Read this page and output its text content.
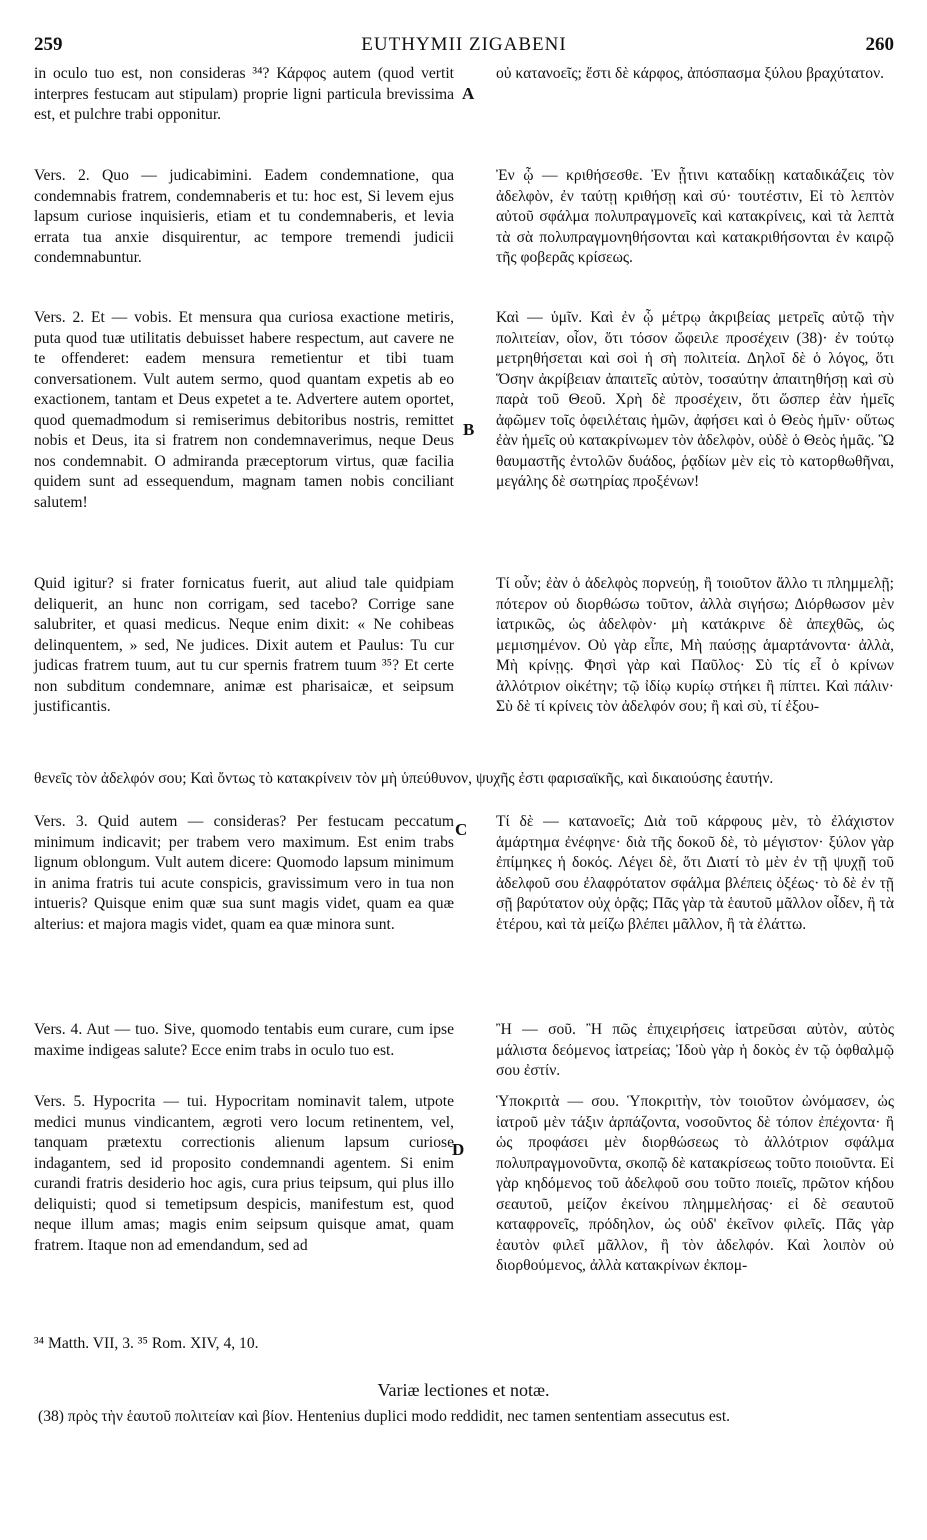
259	EUTHYMII ZIGABENI	260

in oculo tuo est, non consideras ³⁴? Κάρφος autem (quod vertit interpres festucam aut stipulam) proprie ligni particula brevissima est, et pulchre trabi opponitur.

Vers. 2. Quo — judicabimini. Eadem condemnatione, qua condemnabis fratrem, condemnaberis et tu: hoc est, Si levem ejus lapsum curiose inquisieris, etiam et tu condemnaberis, et levia errata tua anxie disquirentur, ac tempore tremendi judicii condemnabuntur.

Vers. 2. Et — vobis. Et mensura qua curiosa exactione metiris, puta quod tuæ utilitatis debuisset habere respectum, aut cavere ne te offenderet: eadem mensura remetientur et tibi tuam conversationem. Vult autem sermo, quod quantam expetis ab eo exactionem, tantam et Deus expetet a te. Advertere autem oportet, quod quemadmodum si remiserimus debitoribus nostris, remittet nobis et Deus, ita si fratrem non condemnaverimus, neque Deus nos condemnabit. O admiranda præceptorum virtus, quæ facilia quidem sunt ad essequendum, magnam tamen nobis conciliant salutem!

Quid igitur? si frater fornicatus fuerit, aut aliud tale quidpiam deliquerit, an hunc non corrigam, sed tacebo? Corrige sane salubriter, et quasi medicus. Neque enim dixit: « Ne cohibeas delinquentem, » sed, Ne judices. Dixit autem et Paulus: Tu cur judicas fratrem tuum, aut tu cur spernis fratrem tuum ³⁵? Et certe non subditum condemnare, animæ est pharisaicæ, et seipsum justificantis.

οὐ κατανοεῖς; ἔστι δὲ κάρφος, ἀπόσπασμα ξύλου βραχύτατον.

Ἐν ᾧ — κριθήσεσθε. Ἐν ᾗτινι καταδίκῃ καταδικάζεις τὸν ἀδελφὸν, ἐν ταύτῃ κριθήσῃ καὶ σύ· τουτέστιν, Εἰ τὸ λεπτὸν αὐτοῦ σφάλμα πολυπραγμονεῖς καὶ κατακρίνεις, καὶ τὰ λεπτὰ τὰ σὰ πολυπραγμονηθήσονται καὶ κατακριθήσονται ἐν καιρῷ τῆς φοβερᾶς κρίσεως.

Καὶ — ὑμῖν. Καὶ ἐν ᾧ μέτρῳ ἀκριβείας μετρεῖς αὐτῷ τὴν πολιτείαν, οἷον, ὅτι τόσον ὤφειλε προσέχειν (38)· ἐν τούτῳ μετρηθήσεται καὶ σοὶ ἡ σὴ πολιτεία. Δηλοῖ δὲ ὁ λόγος, ὅτι Ὅσην ἀκρίβειαν ἀπαιτεῖς αὐτὸν, τοσαύτην ἀπαιτηθήσῃ καὶ σὺ παρὰ τοῦ Θεοῦ. Χρὴ δὲ προσέχειν, ὅτι ὥσπερ ἐὰν ἡμεῖς ἀφῶμεν τοῖς ὀφειλέταις ἡμῶν, ἀφήσει καὶ ὁ Θεὸς ἡμῖν· οὕτως ἐὰν ἡμεῖς οὐ κατακρίνωμεν τὸν ἀδελφὸν, οὐδὲ ὁ Θεὸς ἡμᾶς. Ὢ θαυμαστῆς ἐντολῶν δυάδος, ῥᾳδίων μὲν εἰς τὸ κατορθωθῆναι, μεγάλης δὲ σωτηρίας προξένων!

Τί οὖν; ἐὰν ὁ ἀδελφὸς πορνεύῃ, ἢ τοιοῦτον ἄλλο τι πλημμελῇ; πότερον οὐ διορθώσω τοῦτον, ἀλλὰ σιγήσω; Διόρθωσον μὲν ἰατρικῶς, ὡς ἀδελφὸν· μὴ κατάκρινε δὲ ἀπεχθῶς, ὡς μεμισημένον. Οὐ γὰρ εἶπε, Μὴ παύσῃς ἁμαρτάνοντα· ἀλλὰ, Μὴ κρίνῃς. Φησὶ γὰρ καὶ Παῦλος· Σὺ τίς εἶ ὁ κρίνων ἀλλότριον οἰκέτην; τῷ ἰδίῳ κυρίῳ στήκει ἢ πίπτει. Καὶ πάλιν· Σὺ δὲ τί κρίνεις τὸν ἀδελφόν σου; ἢ καὶ σὺ, τί ἐξου-

θενεῖς τὸν ἀδελφόν σου; Καὶ ὄντως τὸ κατακρίνειν τὸν μὴ ὑπεύθυνον, ψυχῆς ἐστι φαρισαϊκῆς, καὶ δικαιούσης ἑαυτήν.

Vers. 3. Quid autem — consideras? Per festucam peccatum minimum indicavit; per trabem vero maximum. Est enim trabs lignum oblongum. Vult autem dicere: Quomodo lapsum minimum in anima fratris tui acute conspicis, gravissimum vero in tua non intueris? Quisque enim quæ sua sunt magis videt, quam ea quæ alterius: et majora magis videt, quam ea quæ minora sunt.

Vers. 4. Aut — tuo. Sive, quomodo tentabis eum curare, cum ipse maxime indigeas salute? Ecce enim trabs in oculo tuo est.

Vers. 5. Hypocrita — tui. Hypocritam nominavit talem, utpote medici munus vindicantem, ægroti vero locum retinentem, vel, tanquam prætextu correctionis alienum lapsum curiose indagantem, sed id proposito condemnandi agentem. Si enim curandi fratris desiderio hoc agis, cura prius teipsum, qui plus illo deliquisti; quod si temetipsum despicis, manifestum est, quod neque illum amas; magis enim seipsum quisque amat, quam fratrem. Itaque non ad emendandum, sed ad

Τί δὲ — κατανοεῖς; Διὰ τοῦ κάρφους μὲν, τὸ ἐλάχιστον ἁμάρτημα ἐνέφηνε· διὰ τῆς δοκοῦ δὲ, τὸ μέγιστον· ξύλον γὰρ ἐπίμηκες ἡ δοκός. Λέγει δὲ, ὅτι Διατί τὸ μὲν ἐν τῇ ψυχῇ τοῦ ἀδελφοῦ σου ἐλαφρότατον σφάλμα βλέπεις ὀξέως· τὸ δὲ ἐν τῇ σῇ βαρύτατον οὐχ ὁρᾷς; Πᾶς γὰρ τὰ ἑαυτοῦ μᾶλλον οἶδεν, ἢ τὰ ἑτέρου, καὶ τὰ μείζω βλέπει μᾶλλον, ἢ τὰ ἐλάττω.

Ἢ — σοῦ. Ἢ πῶς ἐπιχειρήσεις ἰατρεῦσαι αὐτὸν, αὐτὸς μάλιστα δεόμενος ἰατρείας; Ἰδοὺ γὰρ ἡ δοκὸς ἐν τῷ ὀφθαλμῷ σου ἐστίν.

Ὑποκριτὰ — σου. Ὑποκριτὴν, τὸν τοιοῦτον ὠνόμασεν, ὡς ἰατροῦ μὲν τάξιν ἁρπάζοντα, νοσοῦντος δὲ τόπον ἐπέχοντα· ἢ ὡς προφάσει μὲν διορθώσεως τὸ ἀλλότριον σφάλμα πολυπραγμονοῦντα, σκοπῷ δὲ κατακρίσεως τοῦτο ποιοῦντα. Εἰ γὰρ κηδόμενος τοῦ ἀδελφοῦ σου τοῦτο ποιεῖς, πρῶτον κήδου σεαυτοῦ, μείζον ἐκείνου πλημμελήσας· εἰ δὲ σεαυτοῦ καταφρονεῖς, πρόδηλον, ὡς οὐδ' ἐκεῖνον φιλεῖς. Πᾶς γὰρ ἑαυτὸν φιλεῖ μᾶλλον, ἢ τὸν ἀδελφόν. Καὶ λοιπὸν οὐ διορθούμενος, ἀλλὰ κατακρίνων ἐκπομ-

A
B
C
D
³⁴ Matth. VII, 3. ³⁵ Rom. XIV, 4, 10.
Variæ lectiones et notæ.
(38) πρὸς τὴν ἑαυτοῦ πολιτείαν καὶ βίον. Hentenius duplici modo reddidit, nec tamen sententiam assecutus est.
